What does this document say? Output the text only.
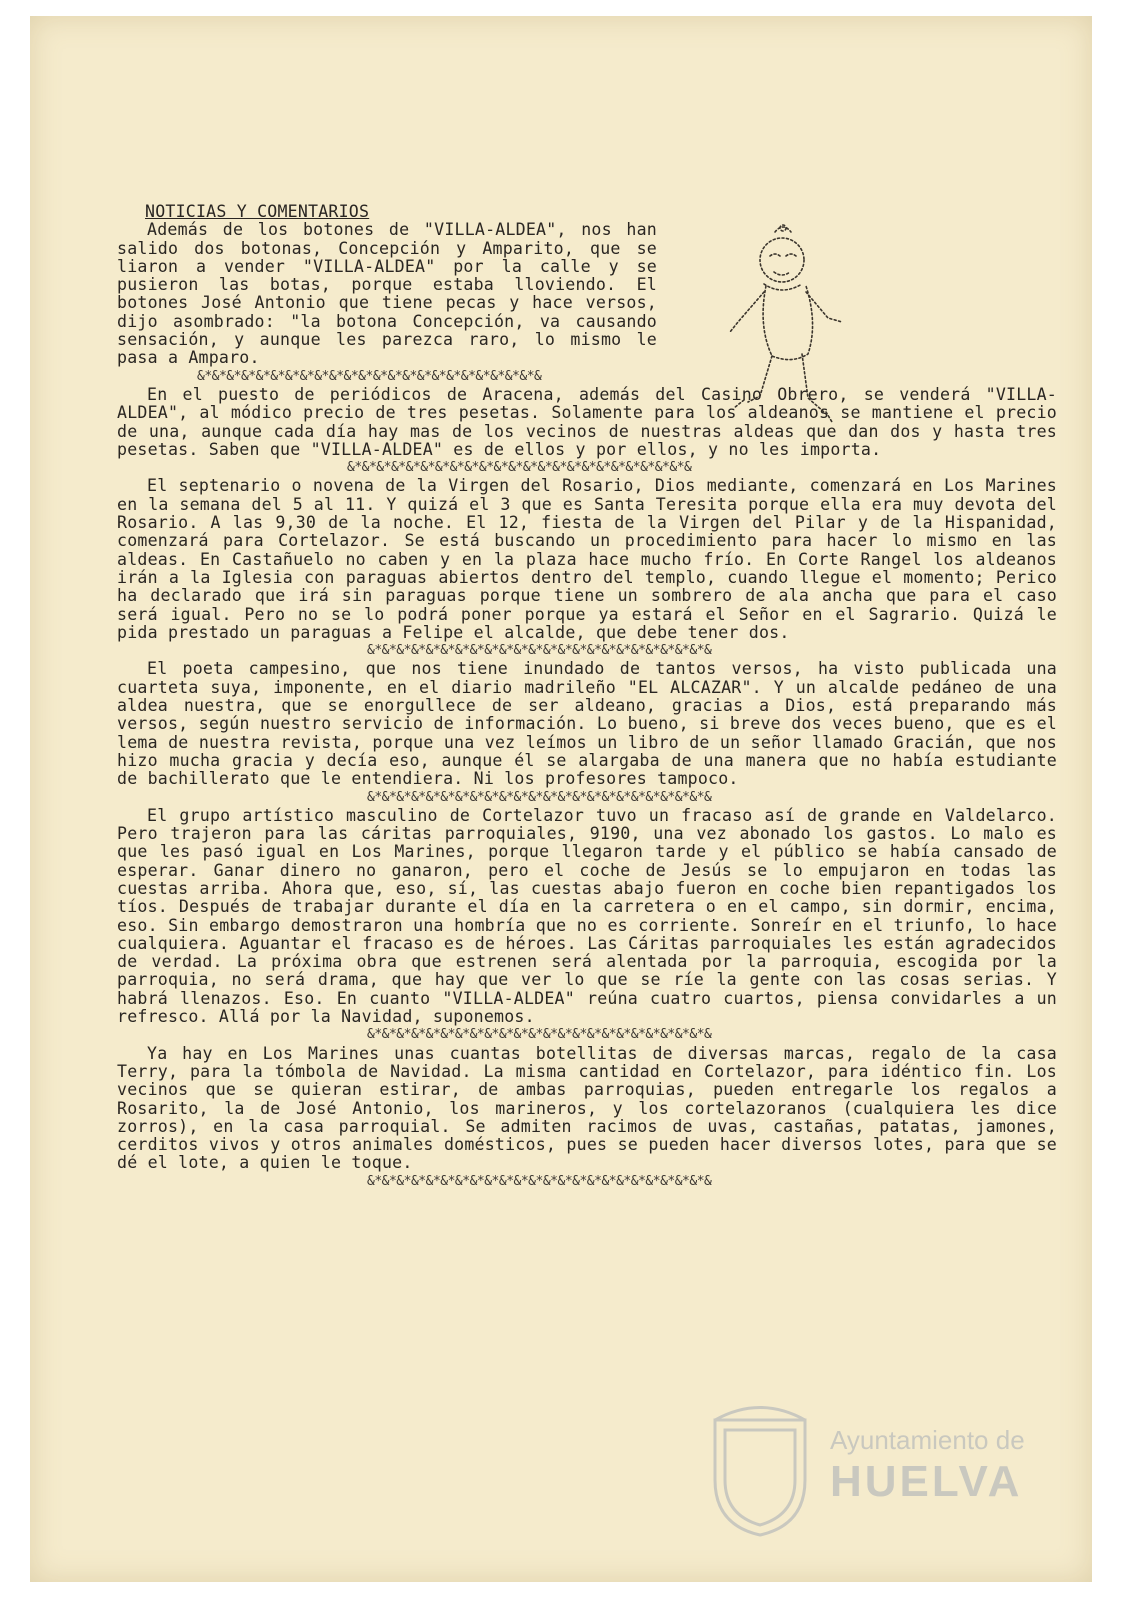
NOTICIAS Y COMENTARIOS

Además de los botones de "VILLA-ALDEA", nos han salido dos botonas, Concepción y Amparito, que se liaron a vender "VILLA-ALDEA" por la calle y se pusieron las botas, porque estaba lloviendo. El botones José Antonio que tiene pecas y hace versos, dijo asombrado: "la botona Concepción, va causando sensación, y aunque les parezca raro, lo mismo le pasa a Amparo.

&*&*&*&*&*&*&*&*&*&*&*&*&*&*&*&*&*&*&*&*&*&*&*&

En el puesto de periódicos de Aracena, además del Casino Obrero, se venderá "VILLA-ALDEA", al módico precio de tres pesetas. Solamente para los aldeanos se mantiene el precio de una, aunque cada día hay mas de los vecinos de nuestras aldeas que dan dos y hasta tres pesetas. Saben que "VILLA-ALDEA" es de ellos y por ellos, y no les importa.

&*&*&*&*&*&*&*&*&*&*&*&*&*&*&*&*&*&*&*&*&*&*&*&

El septenario o novena de la Virgen del Rosario, Dios mediante, comenzará en Los Marines en la semana del 5 al 11. Y quizá el 3 que es Santa Teresita porque ella era muy devota del Rosario. A las 9,30 de la noche. El 12, fiesta de la Virgen del Pilar y de la Hispanidad, comenzará para Cortelazor. Se está buscando un procedimiento para hacer lo mismo en las aldeas. En Castañuelo no caben y en la plaza hace mucho frío. En Corte Rangel los aldeanos irán a la Iglesia con paraguas abiertos dentro del templo, cuando llegue el momento; Perico ha declarado que irá sin paraguas porque tiene un sombrero de ala ancha que para el caso será igual. Pero no se lo podrá poner porque ya estará el Señor en el Sagrario. Quizá le pida prestado un paraguas a Felipe el alcalde, que debe tener dos.

&*&*&*&*&*&*&*&*&*&*&*&*&*&*&*&*&*&*&*&*&*&*&*&

El poeta campesino, que nos tiene inundado de tantos versos, ha visto publicada una cuarteta suya, imponente, en el diario madrileño "EL ALCAZAR". Y un alcalde pedáneo de una aldea nuestra, que se enorgullece de ser aldeano, gracias a Dios, está preparando más versos, según nuestro servicio de información. Lo bueno, si breve dos veces bueno, que es el lema de nuestra revista, porque una vez leímos un libro de un señor llamado Gracián, que nos hizo mucha gracia y decía eso, aunque él se alargaba de una manera que no había estudiante de bachillerato que le entendiera. Ni los profesores tampoco.

&*&*&*&*&*&*&*&*&*&*&*&*&*&*&*&*&*&*&*&*&*&*&*&

El grupo artístico masculino de Cortelazor tuvo un fracaso así de grande en Valdelarco. Pero trajeron para las cáritas parroquiales, 9190, una vez abonado los gastos. Lo malo es que les pasó igual en Los Marines, porque llegaron tarde y el público se había cansado de esperar. Ganar dinero no ganaron, pero el coche de Jesús se lo empujaron en todas las cuestas arriba. Ahora que, eso, sí, las cuestas abajo fueron en coche bien repantigados los tíos. Después de trabajar durante el día en la carretera o en el campo, sin dormir, encima, eso. Sin embargo demostraron una hombría que no es corriente. Sonreír en el triunfo, lo hace cualquiera. Aguantar el fracaso es de héroes. Las Cáritas parroquiales les están agradecidos de verdad. La próxima obra que estrenen será alentada por la parroquia, escogida por la parroquia, no será drama, que hay que ver lo que se ríe la gente con las cosas serias. Y habrá llenazos. Eso. En cuanto "VILLA-ALDEA" reúna cuatro cuartos, piensa convidarles a un refresco. Allá por la Navidad, suponemos.

&*&*&*&*&*&*&*&*&*&*&*&*&*&*&*&*&*&*&*&*&*&*&*&

Ya hay en Los Marines unas cuantas botellitas de diversas marcas, regalo de la casa Terry, para la tómbola de Navidad. La misma cantidad en Cortelazor, para idéntico fin. Los vecinos que se quieran estirar, de ambas parroquias, pueden entregarle los regalos a Rosarito, la de José Antonio, los marineros, y los cortelazoranos (cualquiera les dice zorros), en la casa parroquial. Se admiten racimos de uvas, castañas, patatas, jamones, cerditos vivos y otros animales domésticos, pues se pueden hacer diversos lotes, para que se dé el lote, a quien le toque.

&*&*&*&*&*&*&*&*&*&*&*&*&*&*&*&*&*&*&*&*&*&*&*&
Ayuntamiento de
HUELVA
